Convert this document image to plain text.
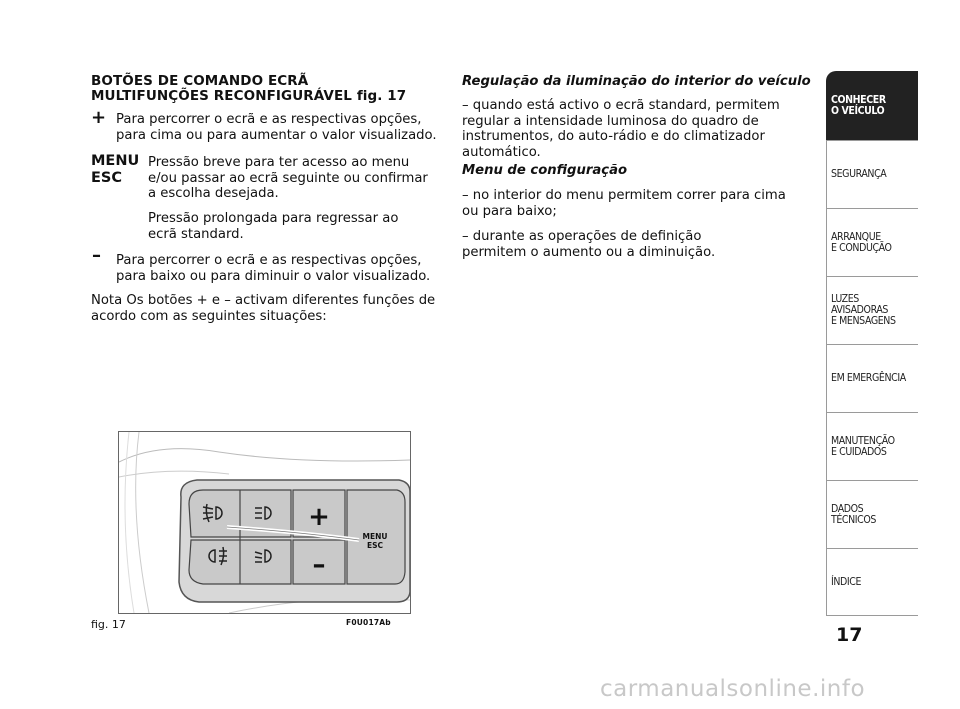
BOTÕES DE COMANDO ECRÃ
MULTIFUNÇÕES RECONFIGURÁVEL fig. 17
+ Para percorrer o ecrã e as respectivas opções, para cima ou para aumentar o valor visualizado.

MENU
ESC

Pressão breve para ter acesso ao menu e/ou passar ao ecrã seguinte ou confirmar a escolha desejada.

Pressão prolongada para regressar ao ecrã standard.

– Para percorrer o ecrã e as respectivas opções, para baixo ou para diminuir o valor visualizado.

Nota Os botões + e – activam diferentes funções de acordo com as seguintes situações:

Regulação da iluminação do interior do veículo

– quando está activo o ecrã standard, permitem regular a intensidade luminosa do quadro de instrumentos, do auto-rádio e do climatizador automático.

Menu de configuração

– no interior do menu permitem correr para cima ou para baixo;

– durante as operações de definição permitem o aumento ou a diminuição.

+
–
MENU
ESC
fig. 17	F0U017Ab
CONHECER
O VEÍCULO
SEGURANÇA
ARRANQUE
E CONDUÇÃO
LUZES
AVISADORAS
E MENSAGENS
EM EMERGÊNCIA
MANUTENÇÃO
E CUIDADOS
DADOS
TÉCNICOS
ÍNDICE
17
carmanualsonline.info
